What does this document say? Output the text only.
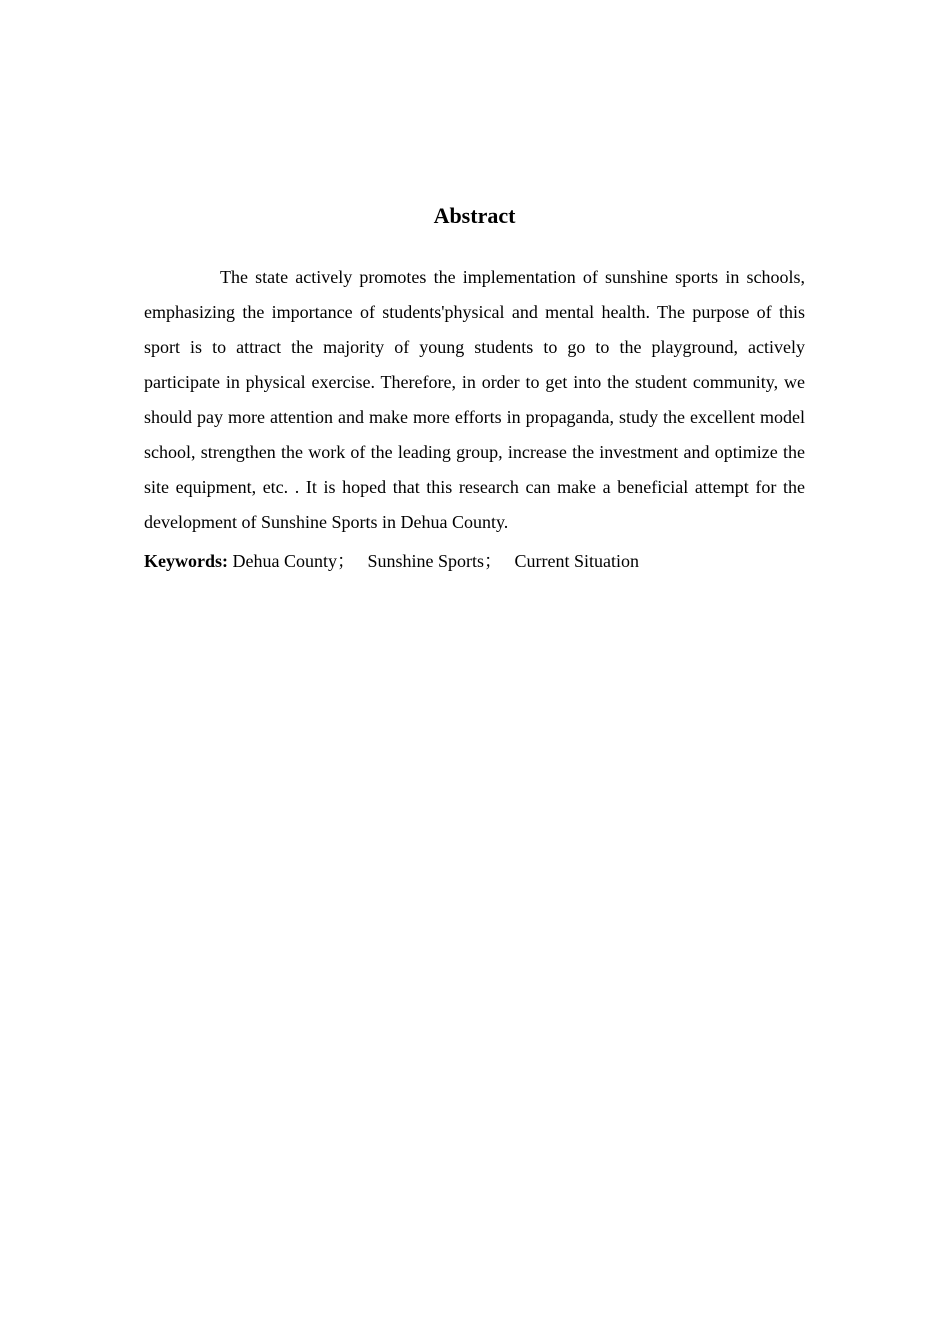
Abstract

The state actively promotes the implementation of sunshine sports in schools, emphasizing the importance of students'physical and mental health. The purpose of this sport is to attract the majority of young students to go to the playground, actively participate in physical exercise. Therefore, in order to get into the student community, we should pay more attention and make more efforts in propaganda, study the excellent model school, strengthen the work of the leading group, increase the investment and optimize the site equipment, etc. . It is hoped that this research can make a beneficial attempt for the development of Sunshine Sports in Dehua County.

Keywords: Dehua County； Sunshine Sports； Current Situation
